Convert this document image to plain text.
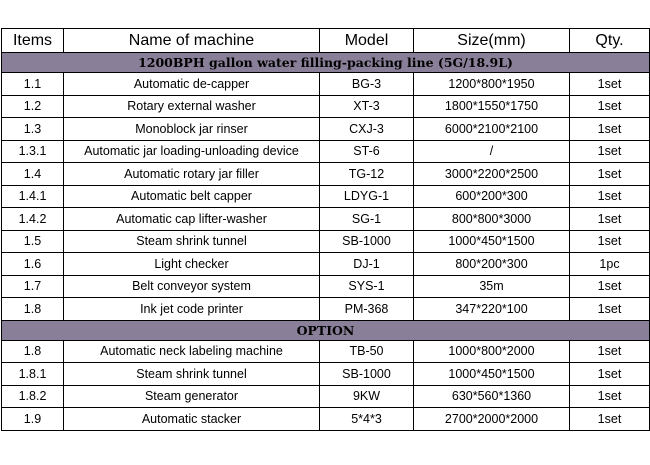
Items	Name of machine	Model	Size(mm)	Qty.
1200BPH gallon water filling-packing line (5G/18.9L)				
1.1	Automatic de-capper	BG-3	1200*800*1950	1set
1.2	Rotary external washer	XT-3	1800*1550*1750	1set
1.3	Monoblock jar rinser	CXJ-3	6000*2100*2100	1set
1.3.1	Automatic jar loading-unloading device	ST-6	/	1set
1.4	Automatic rotary jar filler	TG-12	3000*2200*2500	1set
1.4.1	Automatic belt capper	LDYG-1	600*200*300	1set
1.4.2	Automatic cap lifter-washer	SG-1	800*800*3000	1set
1.5	Steam shrink tunnel	SB-1000	1000*450*1500	1set
1.6	Light checker	DJ-1	800*200*300	1pc
1.7	Belt conveyor system	SYS-1	35m	1set
1.8	Ink jet code printer	PM-368	347*220*100	1set
OPTION				
1.8	Automatic neck labeling machine	TB-50	1000*800*2000	1set
1.8.1	Steam shrink tunnel	SB-1000	1000*450*1500	1set
1.8.2	Steam generator	9KW	630*560*1360	1set
1.9	Automatic stacker	5*4*3	2700*2000*2000	1set
